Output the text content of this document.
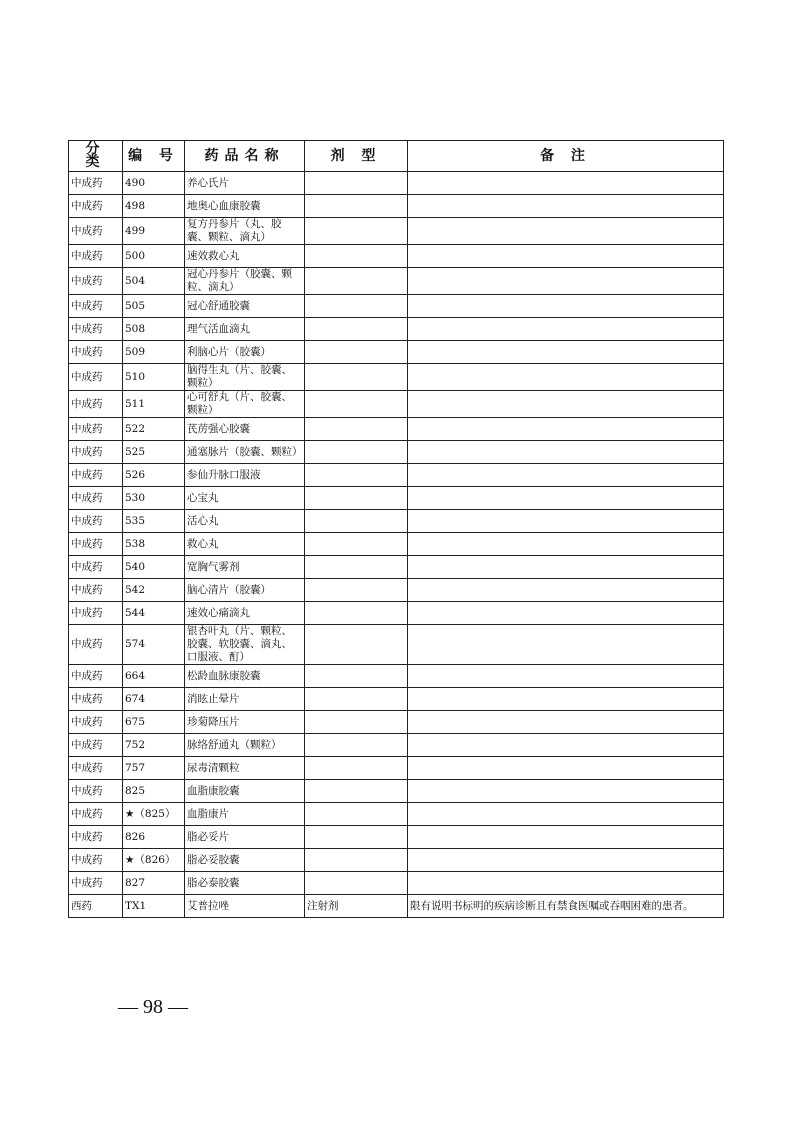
分 类	编 号	药品名称	剂 型	备 注
中成药	490	养心氏片		
中成药	498	地奥心血康胶囊		
中成药	499	复方丹参片（丸、胶囊、颗粒、滴丸）		
中成药	500	速效救心丸		
中成药	504	冠心丹参片（胶囊、颗粒、滴丸）		
中成药	505	冠心舒通胶囊		
中成药	508	理气活血滴丸		
中成药	509	利脑心片（胶囊）		
中成药	510	脑得生丸（片、胶囊、颗粒）		
中成药	511	心可舒丸（片、胶囊、颗粒）		
中成药	522	芪苈强心胶囊		
中成药	525	通塞脉片（胶囊、颗粒）		
中成药	526	参仙升脉口服液		
中成药	530	心宝丸		
中成药	535	活心丸		
中成药	538	救心丸		
中成药	540	宽胸气雾剂		
中成药	542	脑心清片（胶囊）		
中成药	544	速效心痛滴丸		
中成药	574	银杏叶丸（片、颗粒、胶囊、软胶囊、滴丸、口服液、酊）		
中成药	664	松龄血脉康胶囊		
中成药	674	消眩止晕片		
中成药	675	珍菊降压片		
中成药	752	脉络舒通丸（颗粒）		
中成药	757	尿毒清颗粒		
中成药	825	血脂康胶囊		
中成药	★（825）	血脂康片		
中成药	826	脂必妥片		
中成药	★（826）	脂必妥胶囊		
中成药	827	脂必泰胶囊		
西药	TX1	艾普拉唑	注射剂	限有说明书标明的疾病诊断且有禁食医嘱或吞咽困难的患者。
— 98 —
